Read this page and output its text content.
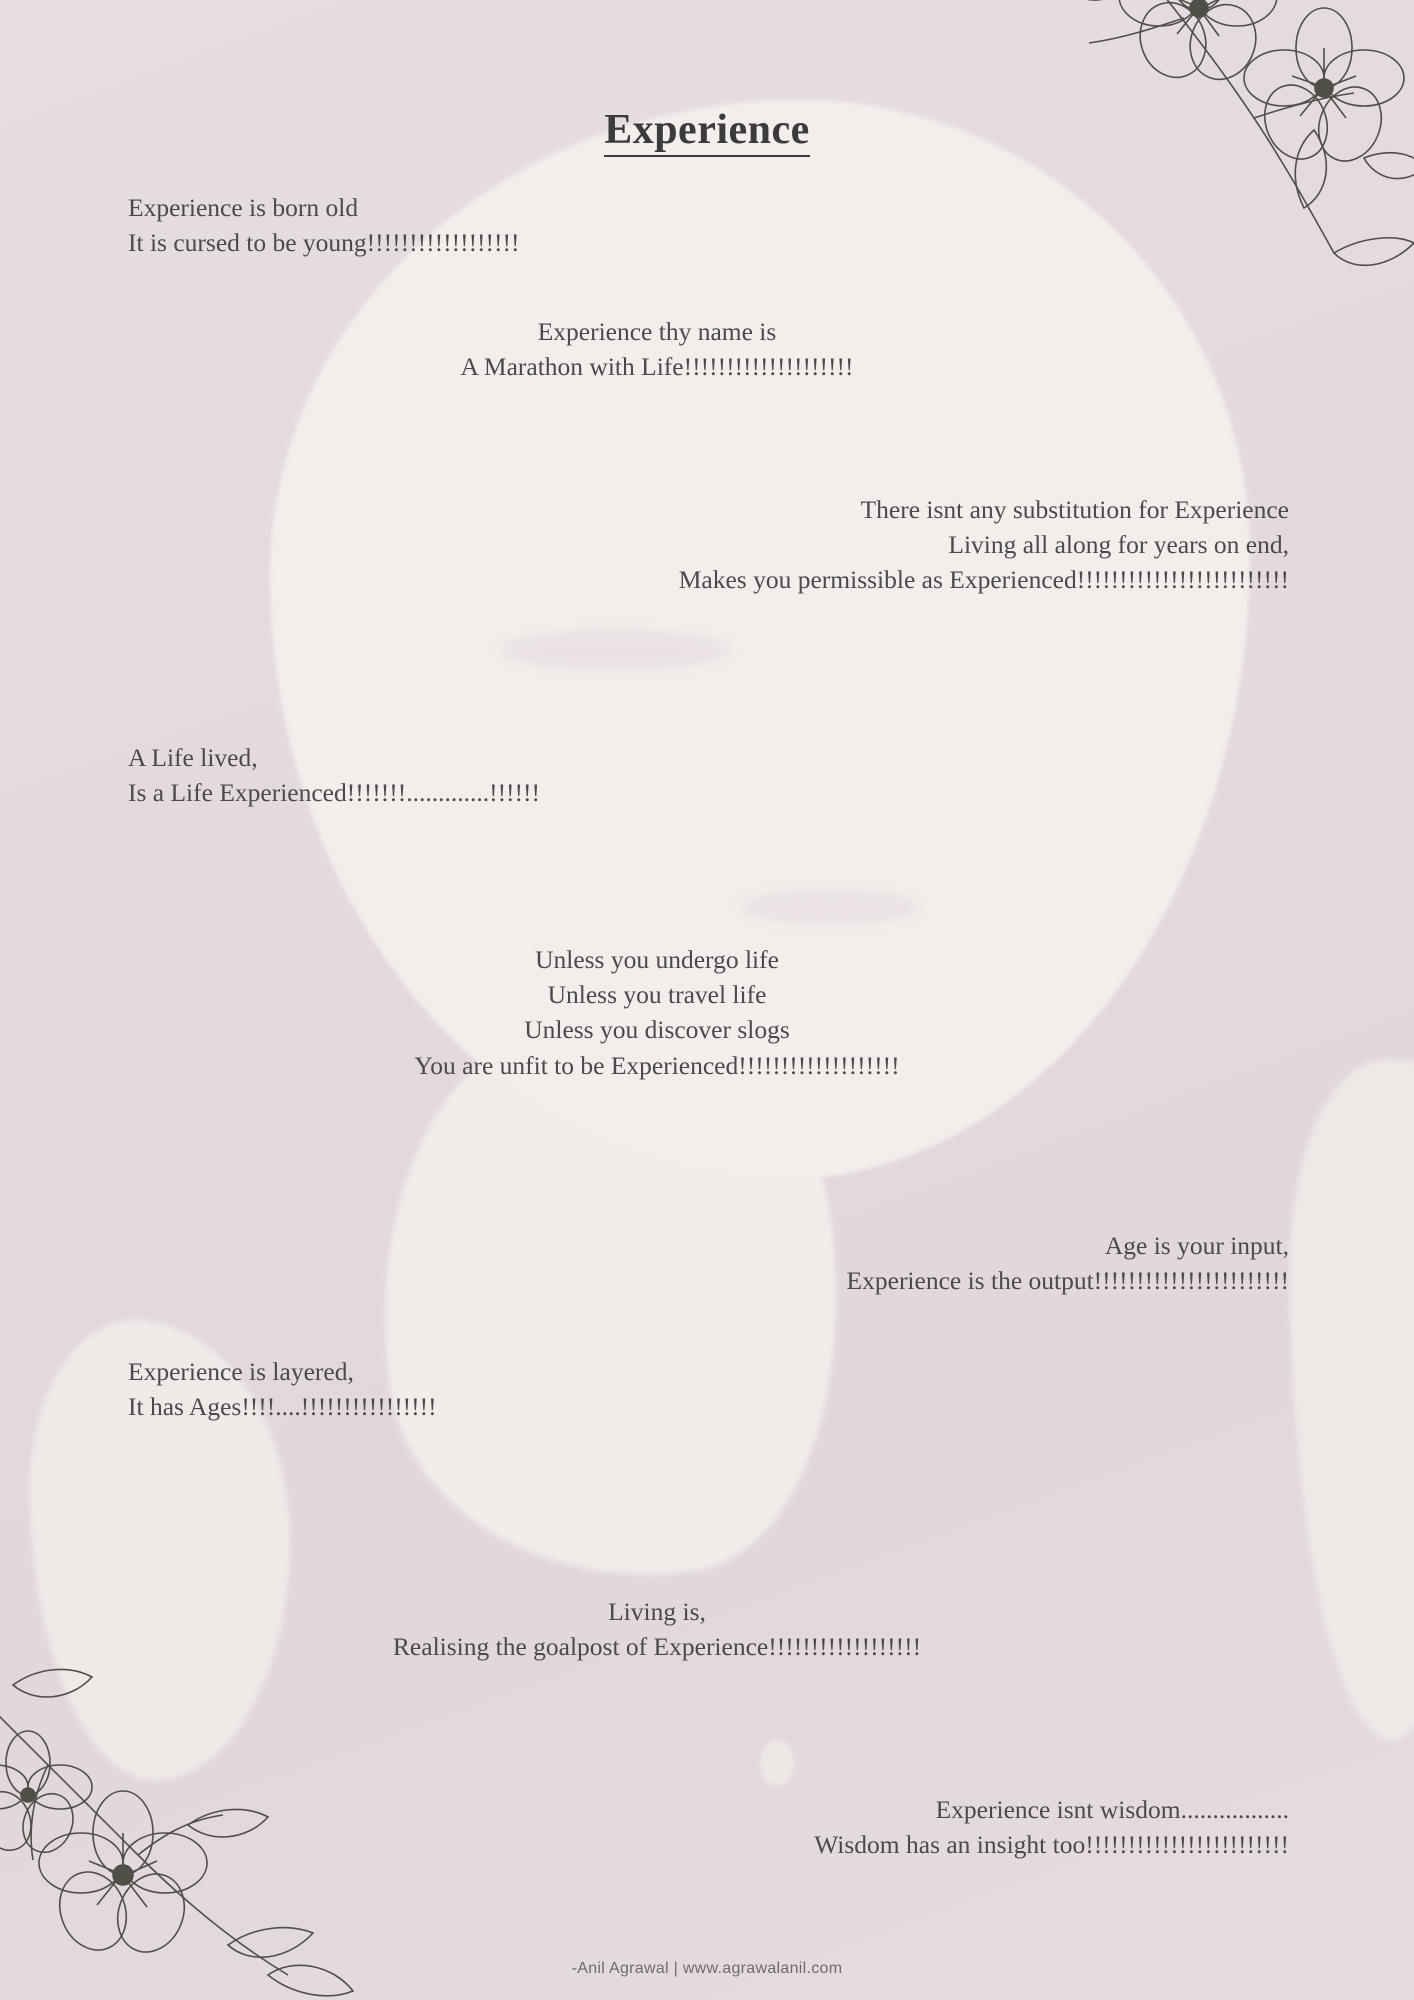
Experience
Experience is born old
It is cursed to be young!!!!!!!!!!!!!!!!!!
Experience thy name is
A Marathon with Life!!!!!!!!!!!!!!!!!!!!
There isnt any substitution for Experience
Living all along for years on end,
Makes you permissible as Experienced!!!!!!!!!!!!!!!!!!!!!!!!!
A Life lived,
Is a Life Experienced!!!!!!!.............!!!!!!
Unless you undergo life
Unless you travel life
Unless you discover slogs
You are unfit to be Experienced!!!!!!!!!!!!!!!!!!!
Age is your input,
Experience is the output!!!!!!!!!!!!!!!!!!!!!!!
Experience is layered,
It has Ages!!!!....!!!!!!!!!!!!!!!!
Living is,
Realising the goalpost of Experience!!!!!!!!!!!!!!!!!!
Experience isnt wisdom.................
Wisdom has an insight too!!!!!!!!!!!!!!!!!!!!!!!!
-Anil Agrawal | www.agrawalanil.com
